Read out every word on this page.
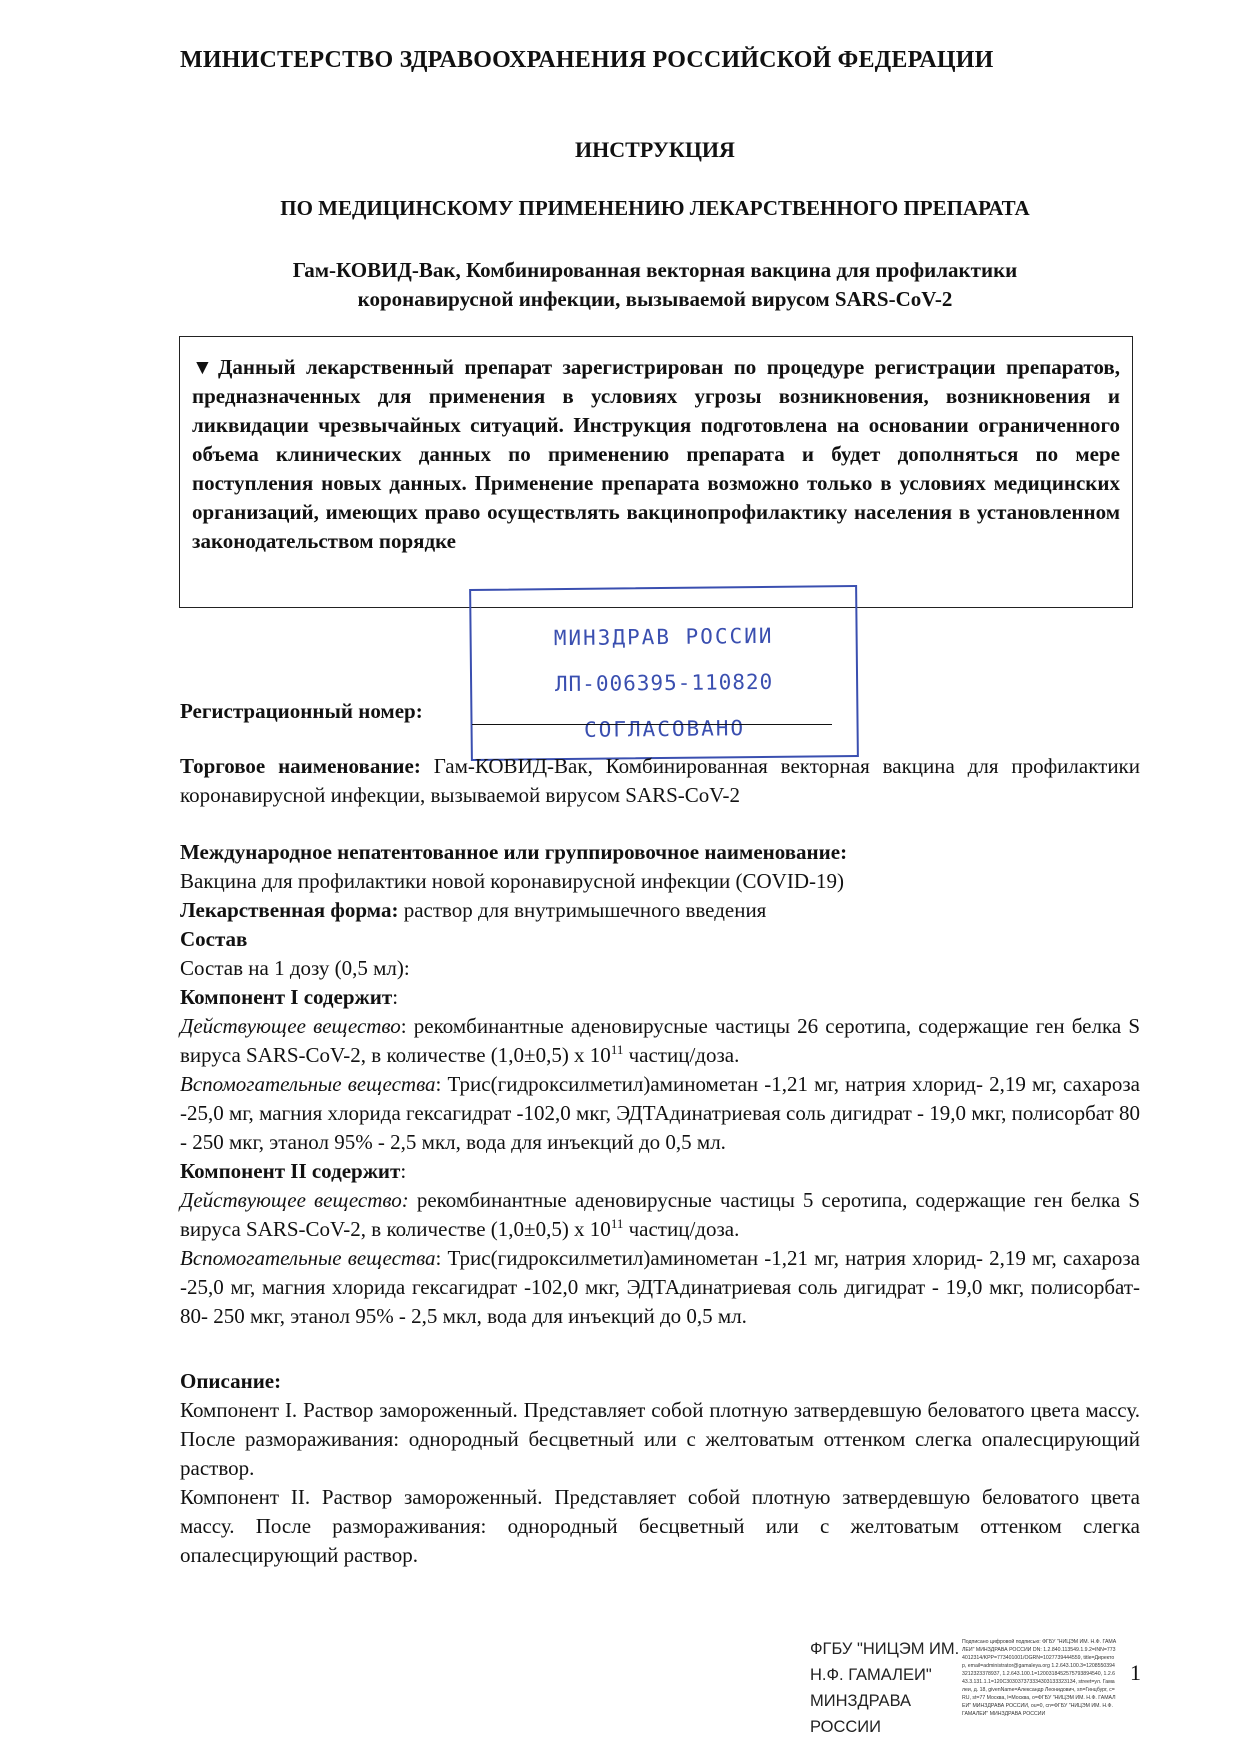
МИНИСТЕРСТВО ЗДРАВООХРАНЕНИЯ РОССИЙСКОЙ ФЕДЕРАЦИИ
ИНСТРУКЦИЯ
ПО МЕДИЦИНСКОМУ ПРИМЕНЕНИЮ ЛЕКАРСТВЕННОГО ПРЕПАРАТА
Гам-КОВИД-Вак, Комбинированная векторная вакцина для профилактики
коронавирусной инфекции, вызываемой вирусом SARS-CoV-2
▼Данный лекарственный препарат зарегистрирован по процедуре регистрации препаратов, предназначенных для применения в условиях угрозы возникновения, возникновения и ликвидации чрезвычайных ситуаций. Инструкция подготовлена на основании ограниченного объема клинических данных по применению препарата и будет дополняться по мере поступления новых данных. Применение препарата возможно только в условиях медицинских организаций, имеющих право осуществлять вакцинопрофилактику населения в установленном законодательством порядке
МИНЗДРАВ РОССИИ
ЛП-006395-110820
СОГЛАСОВАНО
Регистрационный номер:

Торговое наименование: Гам-КОВИД-Вак, Комбинированная векторная вакцина для профилактики коронавирусной инфекции, вызываемой вирусом SARS-CoV-2

Международное непатентованное или группировочное наименование:

Вакцина для профилактики новой коронавирусной инфекции (COVID-19)

Лекарственная форма: раствор для внутримышечного введения

Состав

Состав на 1 дозу (0,5 мл):

Компонент I содержит:

Действующее вещество: рекомбинантные аденовирусные частицы 26 серотипа, содержащие ген белка S вируса SARS-CoV-2, в количестве (1,0±0,5) х $10^{11}$ частиц/доза.

Вспомогательные вещества: Трис(гидроксилметил)аминометан -1,21 мг, натрия хлорид- 2,19 мг, сахароза -25,0 мг, магния хлорида гексагидрат -102,0 мкг, ЭДТАдинатриевая соль дигидрат - 19,0 мкг, полисорбат 80 - 250 мкг, этанол 95% - 2,5 мкл, вода для инъекций до 0,5 мл.

Компонент II содержит:

Действующее вещество: рекомбинантные аденовирусные частицы 5 серотипа, содержащие ген белка S вируса SARS-CoV-2, в количестве (1,0±0,5) х $10^{11}$ частиц/доза.

Вспомогательные вещества: Трис(гидроксилметил)аминометан -1,21 мг, натрия хлорид- 2,19 мг, сахароза -25,0 мг, магния хлорида гексагидрат -102,0 мкг, ЭДТАдинатриевая соль дигидрат - 19,0 мкг, полисорбат- 80- 250 мкг, этанол 95% - 2,5 мкл, вода для инъекций до 0,5 мл.

Описание:

Компонент I. Раствор замороженный. Представляет собой плотную затвердевшую беловатого цвета массу. После размораживания: однородный бесцветный или с желтоватым оттенком слегка опалесцирующий раствор.

Компонент II. Раствор замороженный. Представляет собой плотную затвердевшую беловатого цвета массу. После размораживания: однородный бесцветный или с желтоватым оттенком слегка опалесцирующий раствор.

ФГБУ "НИЦЭМ ИМ.
Н.Ф. ГАМАЛЕИ"
МИНЗДРАВА
РОССИИ
Подписано цифровой подписью: ФГБУ "НИЦЭМ ИМ. Н.Ф. ГАМАЛЕИ" МИНЗДРАВА РОССИИ DN: 1.2.840.113549.1.9.2=INN=7734012314/KPP=773401001/OGRN=1027739444559, title=Директор, email=administrator@gamaleya.org 1.2.643.100.3=12085503943212323378937, 1.2.643.100.1=1200318452575793894540, 1.2.643.3.131.1.1=120C303037373334303133323134, street=ул. Гамалеи, д. 18, givenName=Александр Леонидович, sn=Гинцбург, c=RU, st=77 Москва, l=Москва, o=ФГБУ "НИЦЭМ ИМ. Н.Ф. ГАМАЛЕИ" МИНЗДРАВА РОССИИ, ou=0, cn=ФГБУ "НИЦЭМ ИМ. Н.Ф. ГАМАЛЕИ" МИНЗДРАВА РОССИИ
1
